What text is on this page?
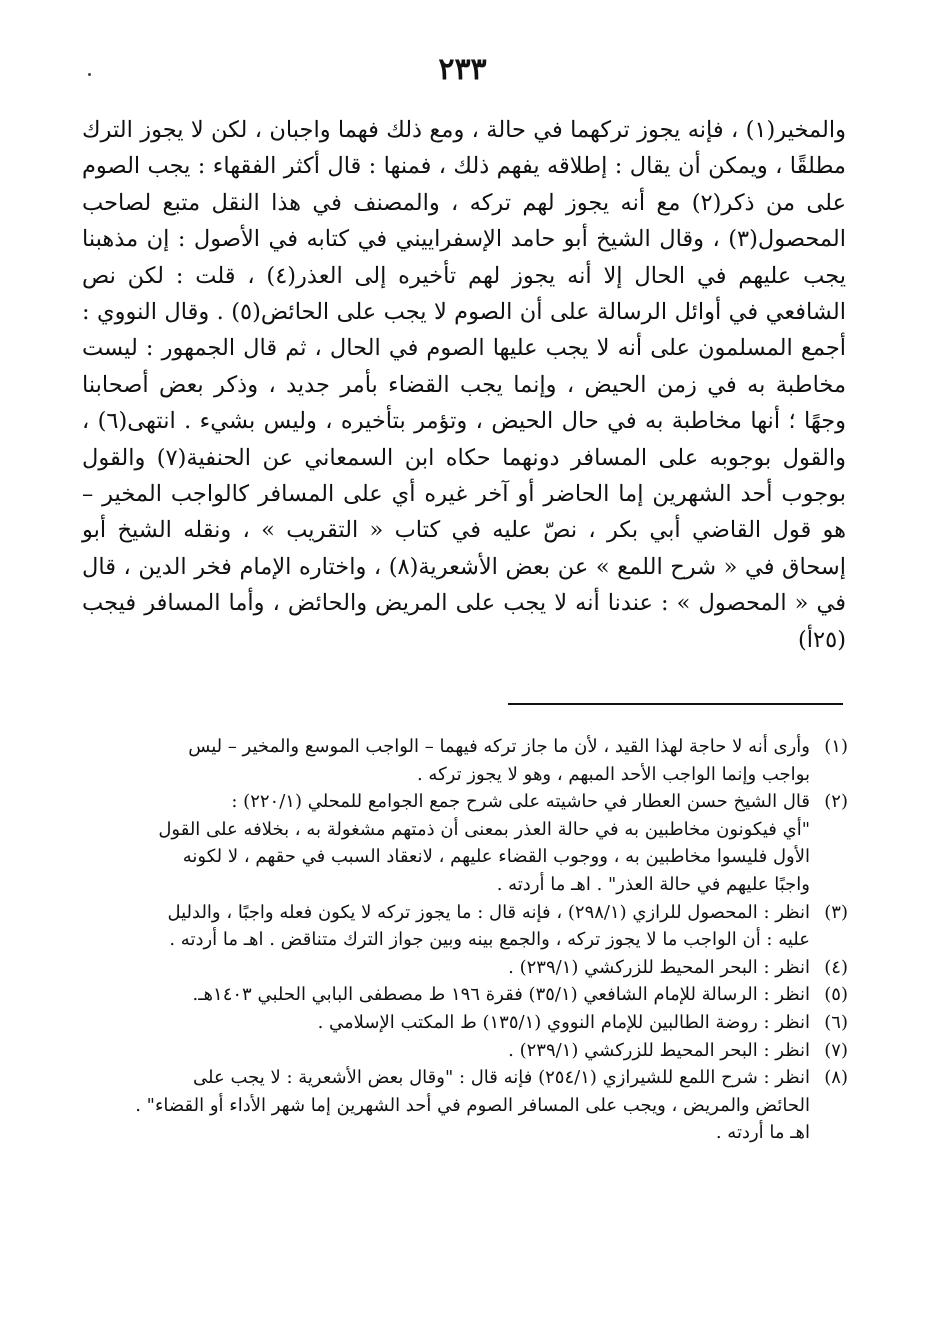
٢٣٣

والمخير(١) ، فإنه يجوز تركهما في حالة ، ومع ذلك فهما واجبان ، لكن لا يجوز الترك مطلقًا ، ويمكن أن يقال : إطلاقه يفهم ذلك ، فمنها : قال أكثر الفقهاء : يجب الصوم على من ذكر(٢) مع أنه يجوز لهم تركه ، والمصنف في هذا النقل متبع لصاحب المحصول(٣) ، وقال الشيخ أبو حامد الإسفراييني في كتابه في الأصول : إن مذهبنا يجب عليهم في الحال إلا أنه يجوز لهم تأخيره إلى العذر(٤) ، قلت : لكن نص الشافعي في أوائل الرسالة على أن الصوم لا يجب على الحائض(٥) . وقال النووي : أجمع المسلمون على أنه لا يجب عليها الصوم في الحال ، ثم قال الجمهور : ليست مخاطبة به في زمن الحيض ، وإنما يجب القضاء بأمر جديد ، وذكر بعض أصحابنا وجهًا ؛ أنها مخاطبة به في حال الحيض ، وتؤمر بتأخيره ، وليس بشيء . انتهى(٦) ، والقول بوجوبه على المسافر دونهما حكاه ابن السمعاني عن الحنفية(٧) والقول بوجوب أحد الشهرين إما الحاضر أو آخر غيره أي على المسافر كالواجب المخير – هو قول القاضي أبي بكر ، نصّ عليه في كتاب « التقريب » ، ونقله الشيخ أبو إسحاق في « شرح اللمع » عن بعض الأشعرية(٨) ، واختاره الإمام فخر الدين ، قال في « المحصول » : عندنا أنه لا يجب على المريض والحائض ، وأما المسافر فيجب (٢٥أ)

(١)
وأرى أنه لا حاجة لهذا القيد ، لأن ما جاز تركه فيهما – الواجب الموسع والمخير – ليس
بواجب وإنما الواجب الأحد المبهم ، وهو لا يجوز تركه .
(٢)
قال الشيخ حسن العطار في حاشيته على شرح جمع الجوامع للمحلي (٢٢٠/١) :
"أي فيكونون مخاطبين به في حالة العذر بمعنى أن ذمتهم مشغولة به ، بخلافه على القول
الأول فليسوا مخاطبين به ، ووجوب القضاء عليهم ، لانعقاد السبب في حقهم ، لا لكونه
واجبًا عليهم في حالة العذر" . اهـ ما أردته .
(٣)
انظر : المحصول للرازي (٢٩٨/١) ، فإنه قال : ما يجوز تركه لا يكون فعله واجبًا ، والدليل
عليه : أن الواجب ما لا يجوز تركه ، والجمع بينه وبين جواز الترك متناقض . اهـ ما أردته .
(٤)
انظر : البحر المحيط للزركشي (٢٣٩/١) .
(٥)
انظر : الرسالة للإمام الشافعي (٣٥/١) فقرة ١٩٦ ط مصطفى البابي الحلبي ١٤٠٣هـ.
(٦)
انظر : روضة الطالبين للإمام النووي (١٣٥/١) ط المكتب الإسلامي .
(٧)
انظر : البحر المحيط للزركشي (٢٣٩/١) .
(٨)
انظر : شرح اللمع للشيرازي (٢٥٤/١) فإنه قال : "وقال بعض الأشعرية : لا يجب على
الحائض والمريض ، ويجب على المسافر الصوم في أحد الشهرين إما شهر الأداء أو القضاء" .
اهـ ما أردته .
